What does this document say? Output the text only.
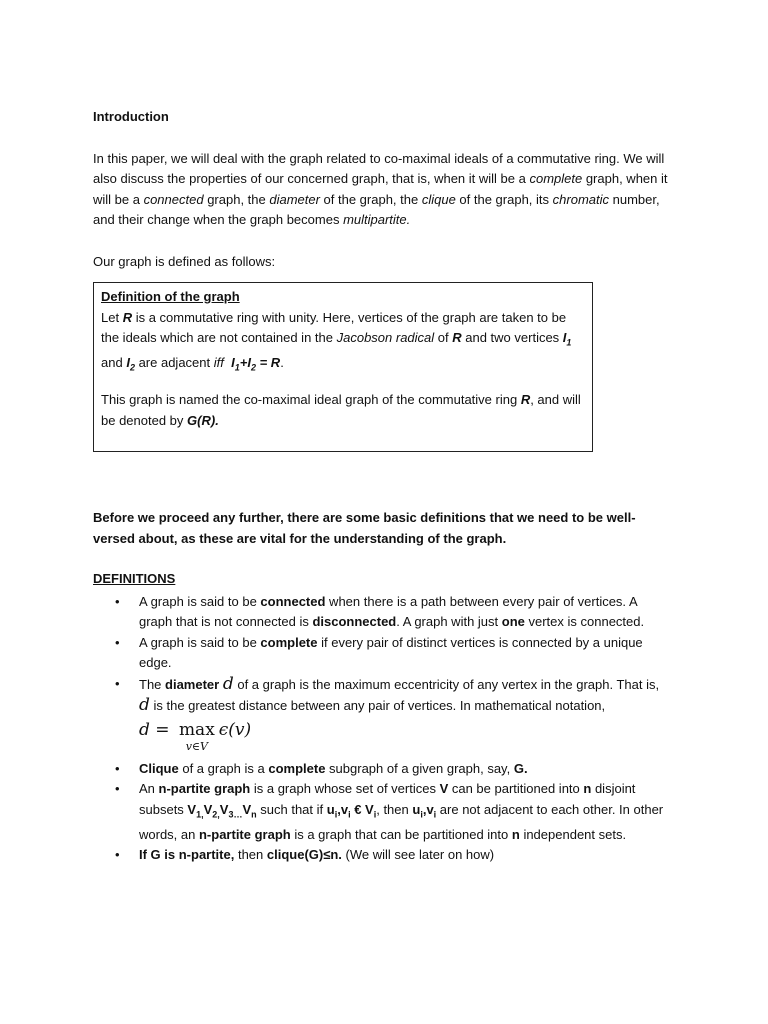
Introduction

In this paper, we will deal with the graph related to co-maximal ideals of a commutative ring. We will also discuss the properties of our concerned graph, that is, when it will be a complete graph, when it will be a connected graph, the diameter of the graph, the clique of the graph, its chromatic number, and their change when the graph becomes multipartite.

Our graph is defined as follows:

Definition of the graph

Let R is a commutative ring with unity. Here, vertices of the graph are taken to be the ideals which are not contained in the Jacobson radical of R and two vertices $I_1$ and $I_2$ are adjacent iff $I_1+I_2 = R$.

This graph is named the co-maximal ideal graph of the commutative ring R, and will be denoted by G(R).

Before we proceed any further, there are some basic definitions that we need to be well-versed about, as these are vital for the understanding of the graph.

DEFINITIONS

• A graph is said to be connected when there is a path between every pair of vertices. A graph that is not connected is disconnected. A graph with just one vertex is connected.
• A graph is said to be complete if every pair of distinct vertices is connected by a unique edge.
• The diameter d of a graph is the maximum eccentricity of any vertex in the graph. That is, d is the greatest distance between any pair of vertices. In mathematical notation,
d = max
v∈V
ϵ(v)
• Clique of a graph is a complete subgraph of a given graph, say, G.
• An n-partite graph is a graph whose set of vertices V can be partitioned into n disjoint subsets $V_{1,}V_{2,}V_{3\dots}V_n$ such that if $u_i,v_i$ € $V_i$, then $u_i,v_i$ are not adjacent to each other. In other words, an n-partite graph is a graph that can be partitioned into n independent sets.
• If G is n-partite, then clique(G)≤n. (We will see later on how)
